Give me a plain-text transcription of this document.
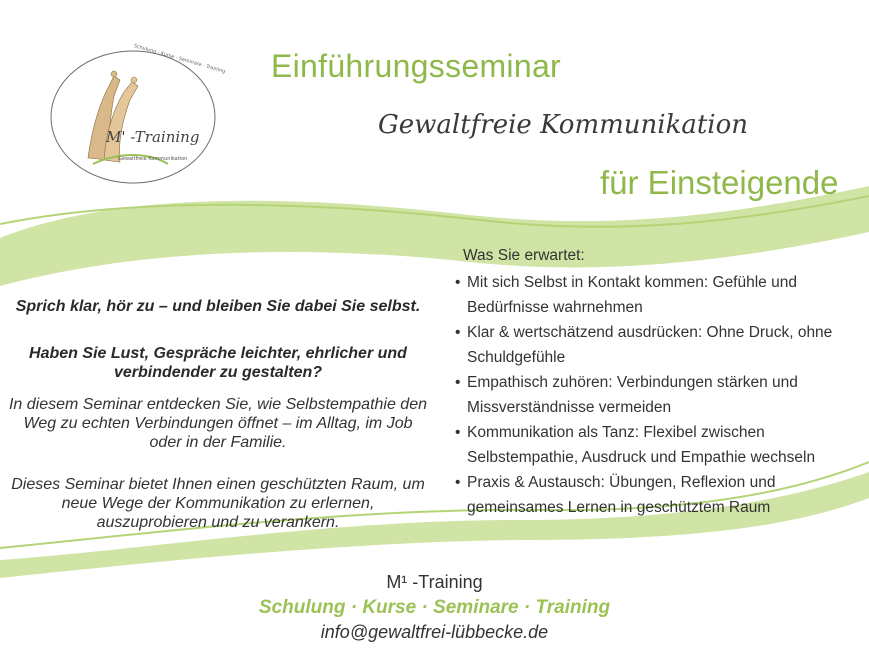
Schulung · Kurse · Seminare · Training
M' -Training
Gewaltfreie Kommunikation
Einführungsseminar
Gewaltfreie Kommunikation
für Einsteigende
Sprich klar, hör zu – und bleiben Sie dabei Sie selbst.
Haben Sie Lust, Gespräche leichter, ehrlicher und verbindender zu gestalten?
In diesem Seminar entdecken Sie, wie Selbstempathie den Weg zu echten Verbindungen öffnet – im Alltag, im Job oder in der Familie.
Dieses Seminar bietet Ihnen einen geschützten Raum, um neue Wege der Kommunikation zu erlernen, auszuprobieren und zu verankern.
Was Sie erwartet:
• Mit sich Selbst in Kontakt kommen: Gefühle und
Bedürfnisse wahrnehmen
• Klar & wertschätzend ausdrücken: Ohne Druck, ohne
Schuldgefühle
• Empathisch zuhören: Verbindungen stärken und
Missverständnisse vermeiden
• Kommunikation als Tanz: Flexibel zwischen
Selbstempathie, Ausdruck und Empathie wechseln
• Praxis & Austausch: Übungen, Reflexion und
gemeinsames Lernen in geschütztem Raum
M¹ -Training
Schulung · Kurse · Seminare · Training
info@gewaltfrei-lübbecke.de
